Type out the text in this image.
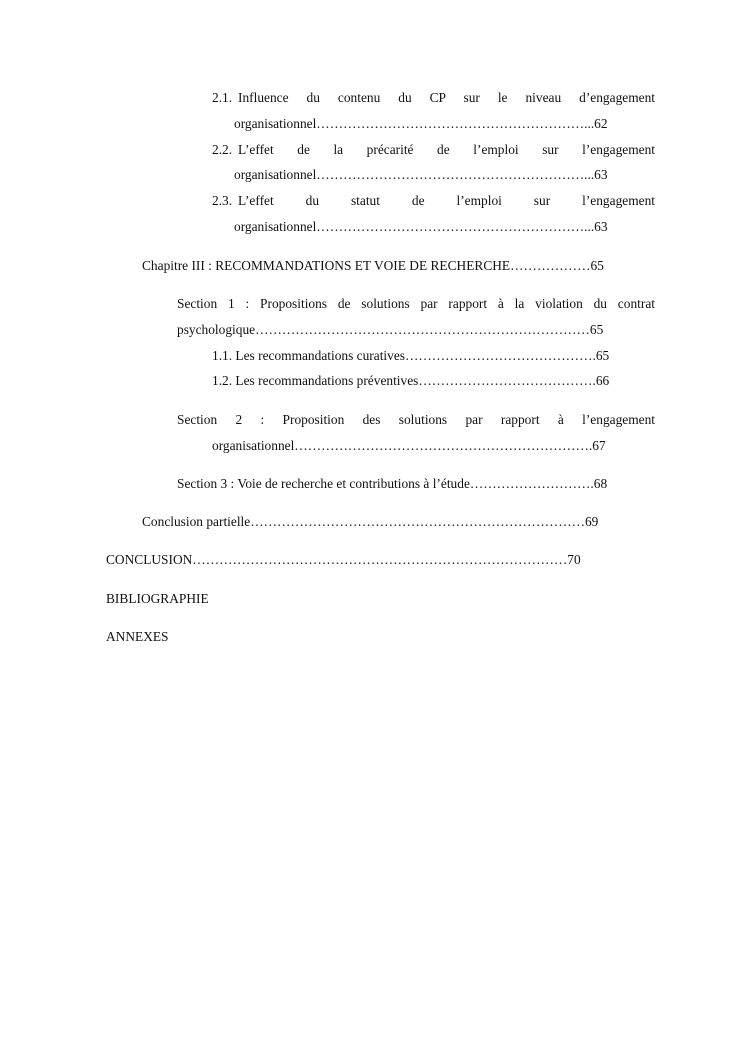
2.1. Influence du contenu du CP sur le niveau d’engagement

organisationnel……………………………………………………...62

2.2. L’effet de la précarité de l’emploi sur l’engagement

organisationnel……………………………………………………...63

2.3. L’effet du statut de l’emploi sur l’engagement

organisationnel……………………………………………………...63

Chapitre III : RECOMMANDATIONS ET VOIE DE RECHERCHE………………65

Section 1 : Propositions de solutions par rapport à la violation du contrat

psychologique…………………………………………………………………65

1.1. Les recommandations curatives…………………………………….65

1.2. Les recommandations préventives………………………………….66

Section 2 : Proposition des solutions par rapport à l’engagement

organisationnel………………………………………………………….67

Section 3 : Voie de recherche et contributions à l’étude……………………….68

Conclusion partielle…………………………………………………………………69

CONCLUSION…………………………………………………………………………70

BIBLIOGRAPHIE

ANNEXES
